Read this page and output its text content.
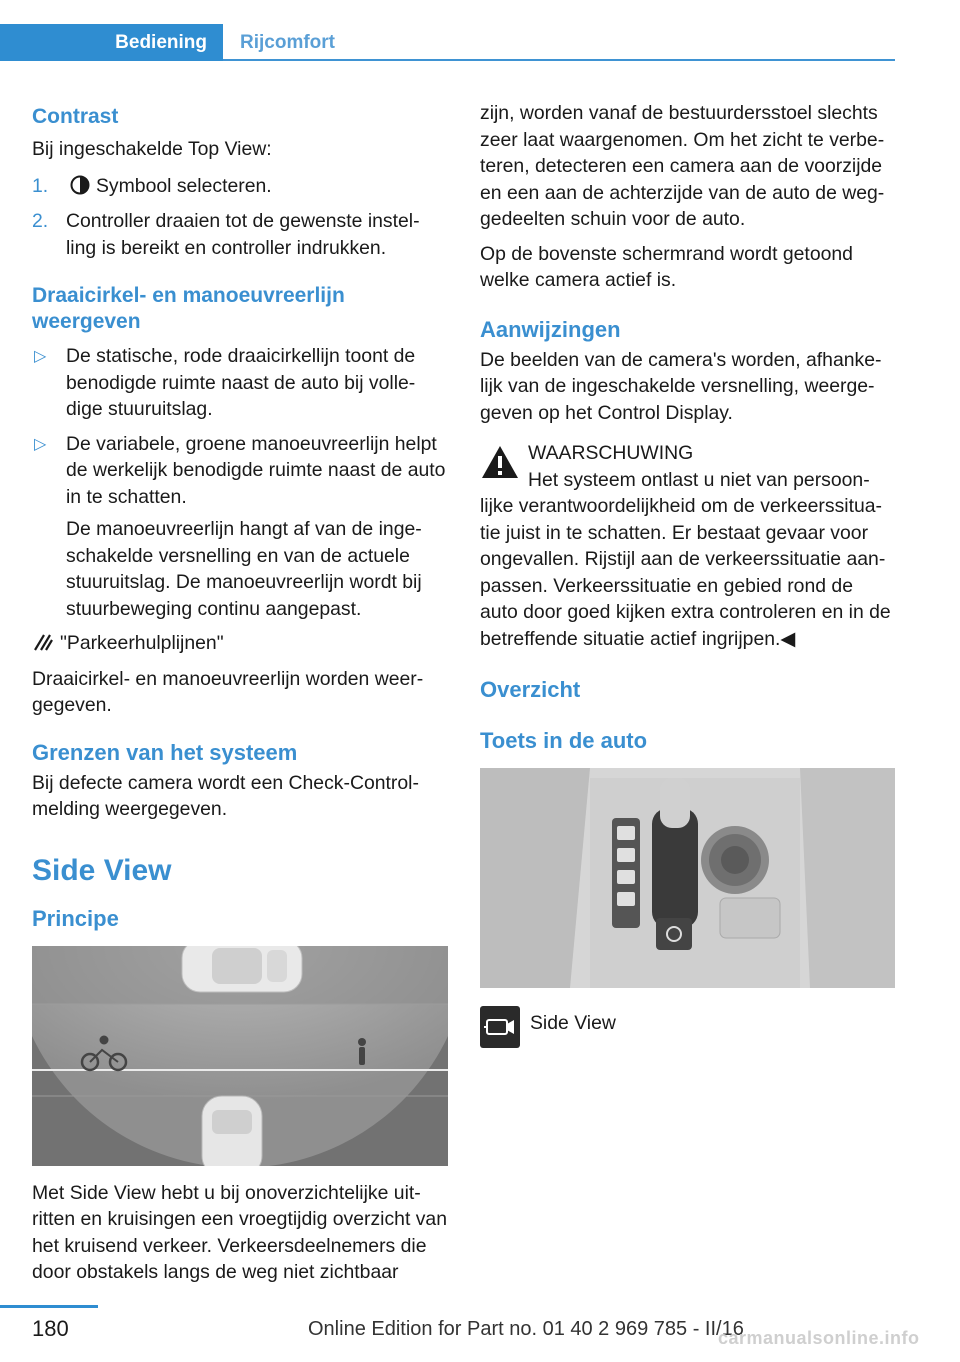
Bediening	Rijcomfort
Contrast

Bij ingeschakelde Top View:

1. Symbool selecteren.
2. Controller draaien tot de gewenste instel-ling is bereikt en controller indrukken.
Draaicirkel- en manoeuvreerlijn weergeven
▷ De statische, rode draaicirkellijn toont de benodigde ruimte naast de auto bij volle-dige stuuruitslag.
▷ De variabele, groene manoeuvreerlijn helpt de werkelijk benodigde ruimte naast de auto in te schatten.

De manoeuvreerlijn hangt af van de inge-schakelde versnelling en van de actuele stuuruitslag. De manoeuvreerlijn wordt bij stuurbeweging continu aangepast.

"Parkeerhulplijnen"

Draaicirkel- en manoeuvreerlijn worden weer-gegeven.

Grenzen van het systeem

Bij defecte camera wordt een Check-Control-melding weergegeven.

Side View
Principe

Met Side View hebt u bij onoverzichtelijke uit-ritten en kruisingen een vroegtijdig overzicht van het kruisend verkeer. Verkeersdeelnemers die door obstakels langs de weg niet zichtbaar

zijn, worden vanaf de bestuurdersstoel slechts zeer laat waargenomen. Om het zicht te verbe-teren, detecteren een camera aan de voorzijde en een aan de achterzijde van de auto de weg-gedeelten schuin voor de auto.

Op de bovenste schermrand wordt getoond welke camera actief is.

Aanwijzingen

De beelden van de camera's worden, afhanke-lijk van de ingeschakelde versnelling, weerge-geven op het Control Display.

WAARSCHUWING

Het systeem ontlast u niet van persoon-lijke verantwoordelijkheid om de verkeerssitua-tie juist in te schatten. Er bestaat gevaar voor ongevallen. Rijstijl aan de verkeerssituatie aan-passen. Verkeerssituatie en gebied rond de auto door goed kijken extra controleren en in de betreffende situatie actief ingrijpen.◀

Overzicht
Toets in de auto

Side View

180	Online Edition for Part no. 01 40 2 969 785 - II/16
carmanualsonline.info
